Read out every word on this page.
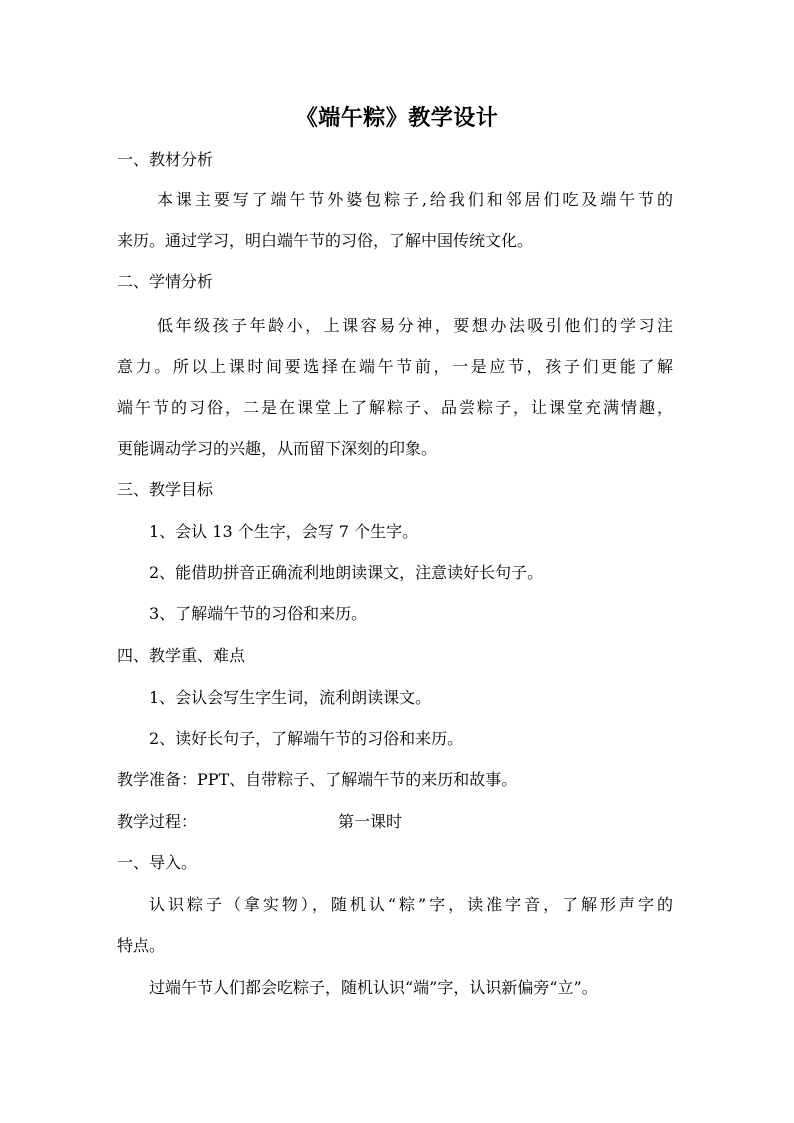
《端午粽》教学设计
一、教材分析
本课主要写了端午节外婆包粽子,给我们和邻居们吃及端午节的
来历。通过学习，明白端午节的习俗，了解中国传统文化。
二、学情分析
低年级孩子年龄小，上课容易分神，要想办法吸引他们的学习注
意力。所以上课时间要选择在端午节前，一是应节，孩子们更能了解
端午节的习俗，二是在课堂上了解粽子、品尝粽子，让课堂充满情趣，
更能调动学习的兴趣，从而留下深刻的印象。
三、教学目标
1、会认 13 个生字，会写 7 个生字。
2、能借助拼音正确流利地朗读课文，注意读好长句子。
3、了解端午节的习俗和来历。
四、教学重、难点
1、会认会写生字生词，流利朗读课文。
2、读好长句子，了解端午节的习俗和来历。
教学准备：PPT、自带粽子、了解端午节的来历和故事。
教学过程：	第一课时
一、导入。
认识粽子（拿实物），随机认“粽”字，读准字音，了解形声字的
特点。
过端午节人们都会吃粽子，随机认识“端”字，认识新偏旁“立”。
